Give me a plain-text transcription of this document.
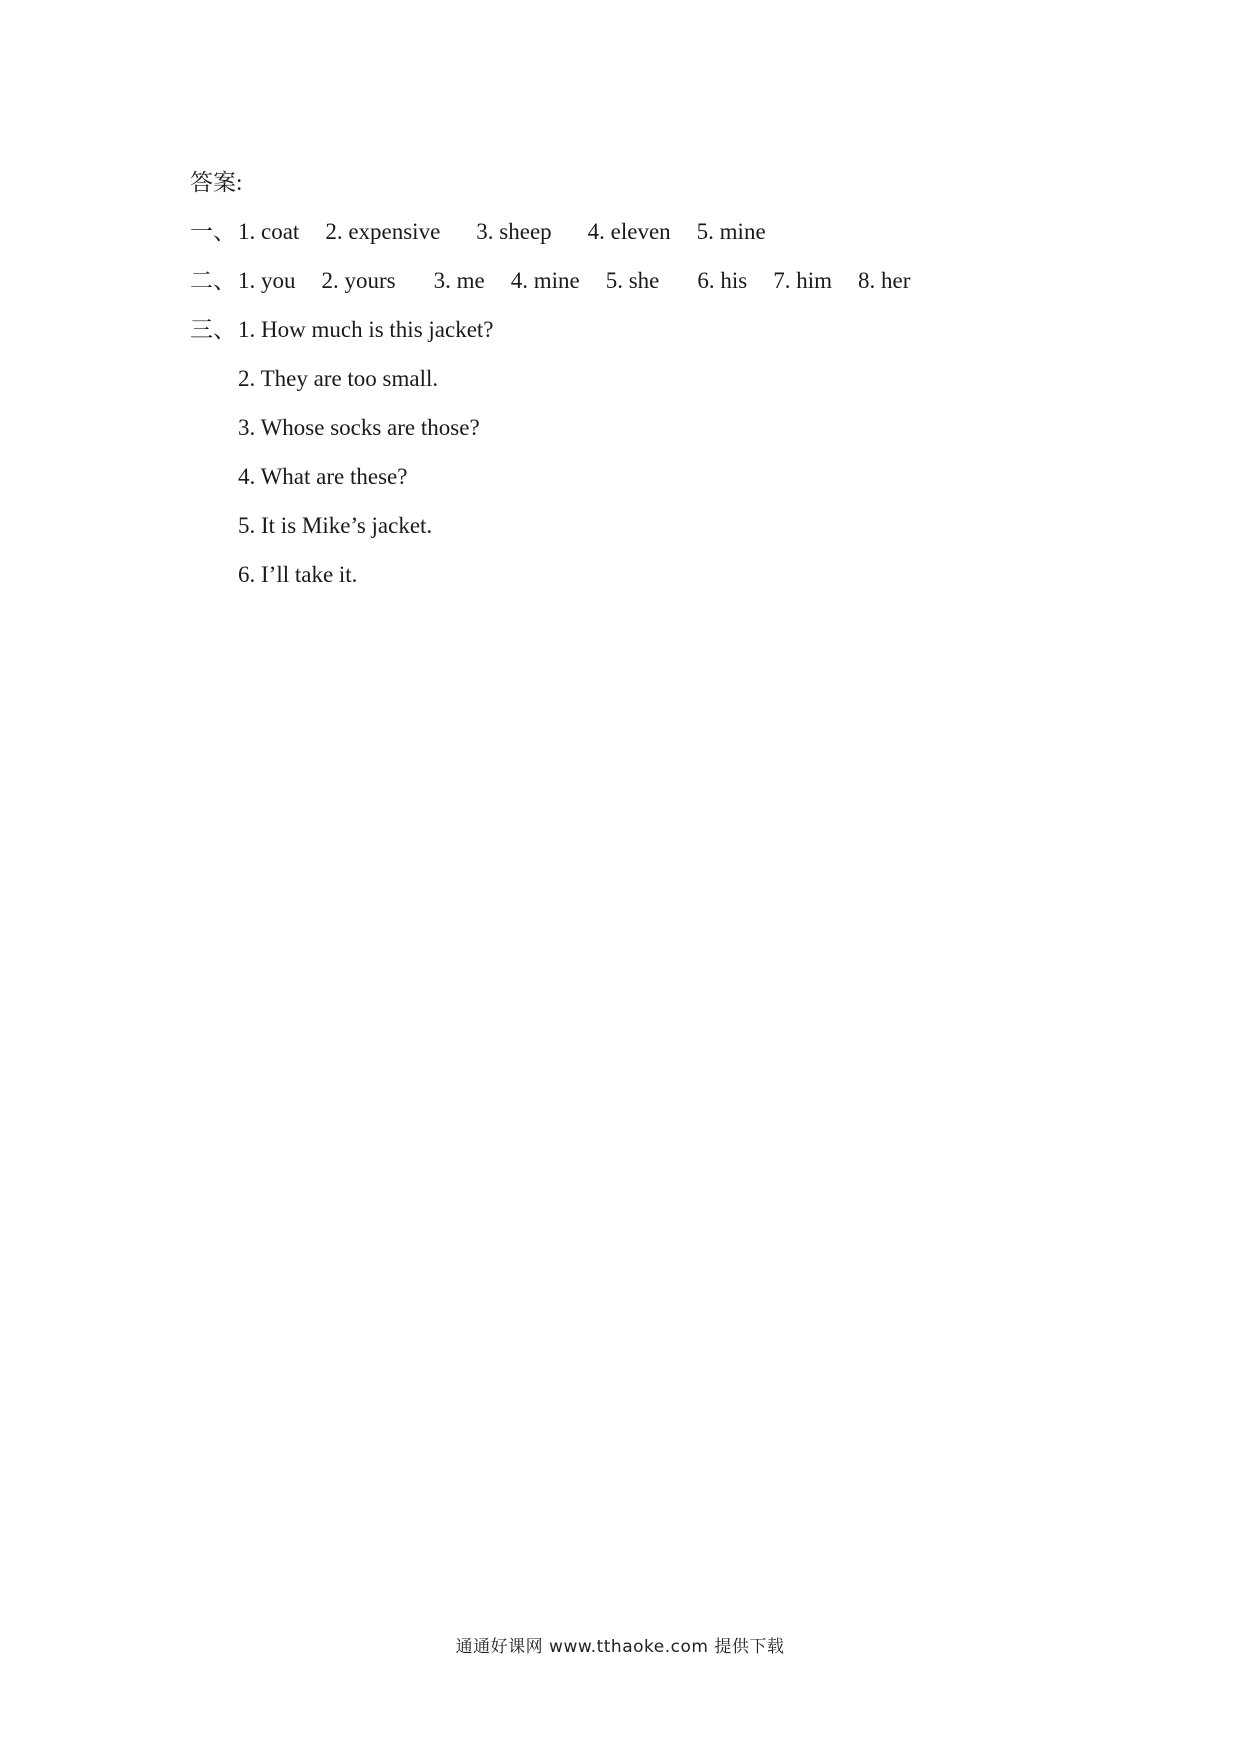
答案:
一、 1. coat 2. expensive 3. sheep 4. eleven 5. mine
二、 1. you 2. yours 3. me 4. mine 5. she 6. his 7. him 8. her
三、 1. How much is this jacket?
2. They are too small.
3. Whose socks are those?
4. What are these?
5. It is Mike’s jacket.
6. I’ll take it.
通通好课网 www.tthaoke.com 提供下载
